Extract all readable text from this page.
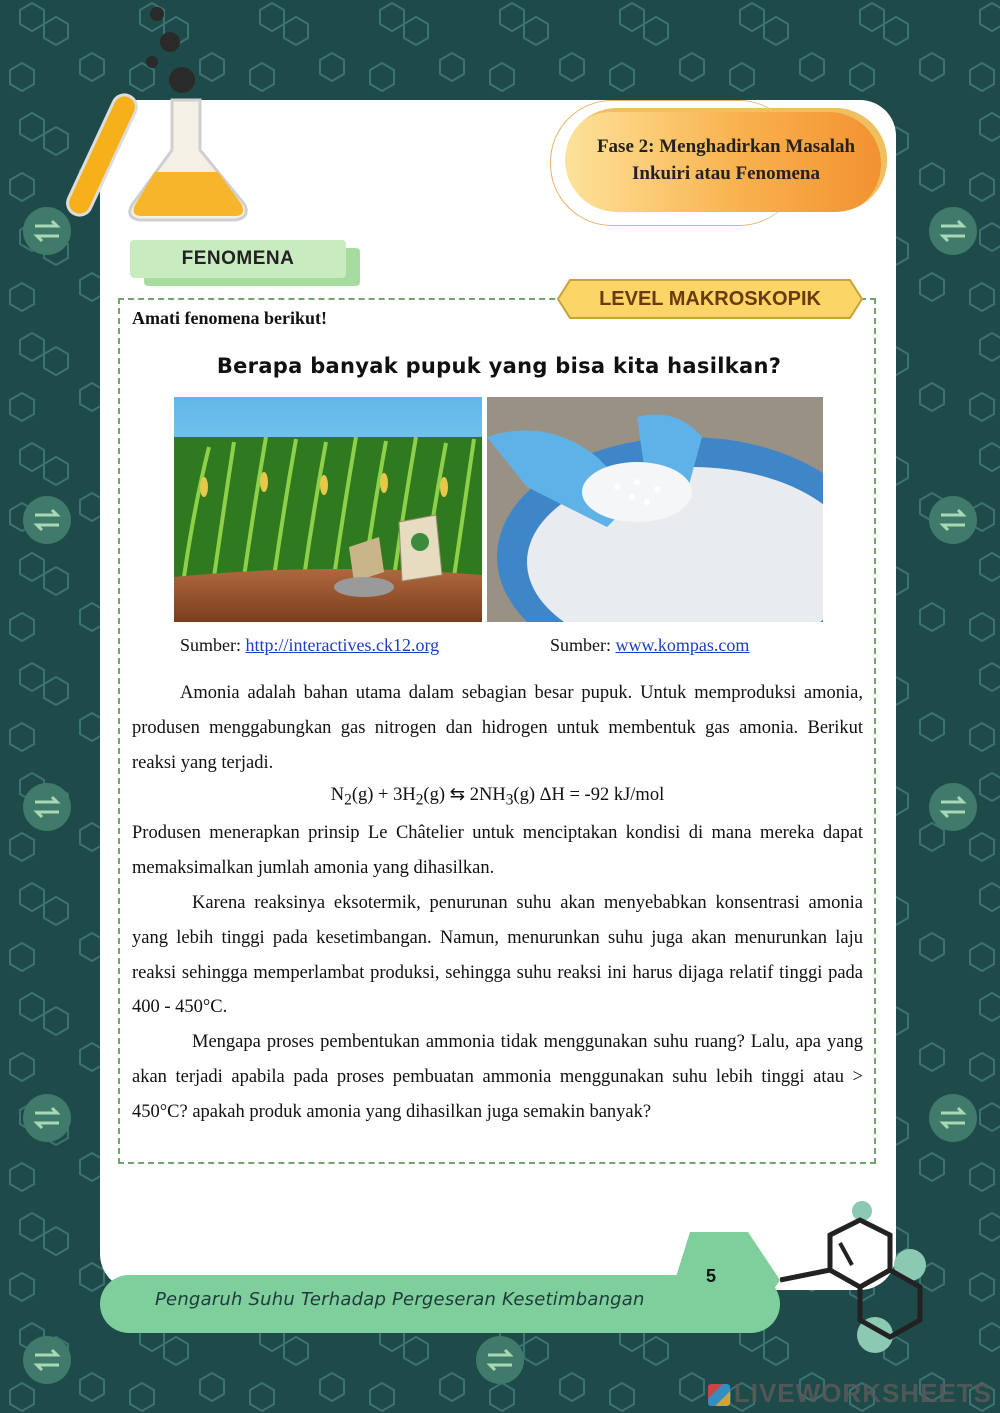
Fase 2: Menghadirkan Masalah
Inkuiri atau Fenomena
FENOMENA
LEVEL MAKROSKOPIK
Amati fenomena berikut!
Berapa banyak pupuk yang bisa kita hasilkan?
Sumber: http://interactives.ck12.org	Sumber: www.kompas.com

Amonia adalah bahan utama dalam sebagian besar pupuk. Untuk memproduksi amonia, produsen menggabungkan gas nitrogen dan hidrogen untuk membentuk gas amonia. Berikut reaksi yang terjadi.

$N_2(g) + 3H_2(g)$ ⇆ $2NH_3(g) \Delta H = -92$ kJ/mol

Produsen menerapkan prinsip Le Châtelier untuk menciptakan kondisi di mana mereka dapat memaksimalkan jumlah amonia yang dihasilkan.

Karena reaksinya eksotermik, penurunan suhu akan menyebabkan konsentrasi amonia yang lebih tinggi pada kesetimbangan. Namun, menurunkan suhu juga akan menurunkan laju reaksi sehingga memperlambat produksi, sehingga suhu reaksi ini harus dijaga relatif tinggi pada 400 - 450°C.

Mengapa proses pembentukan ammonia tidak menggunakan suhu ruang? Lalu, apa yang akan terjadi apabila pada proses pembuatan ammonia menggunakan suhu lebih tinggi atau > 450°C? apakah produk amonia yang dihasilkan juga semakin banyak?

Pengaruh Suhu Terhadap Pergeseran Kesetimbangan
5
LIVEWORKSHEETS
